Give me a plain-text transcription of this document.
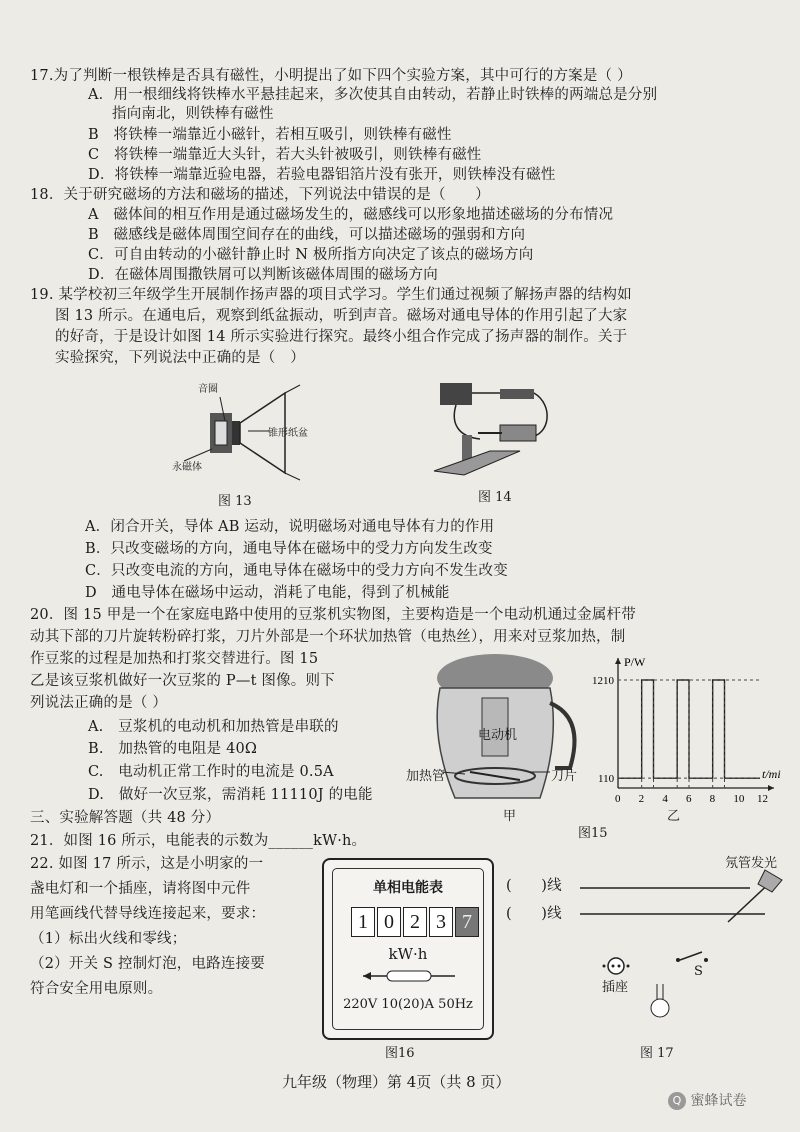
17.为了判断一根铁棒是否具有磁性，小明提出了如下四个实验方案，其中可行的方案是（ ）
A．用一根细线将铁棒水平悬挂起来，多次使其自由转动，若静止时铁棒的两端总是分别
指向南北，则铁棒有磁性
B　将铁棒一端靠近小磁针，若相互吸引，则铁棒有磁性
C　将铁棒一端靠近大头针，若大头针被吸引，则铁棒有磁性
D．将铁棒一端靠近验电器，若验电器铝箔片没有张开，则铁棒没有磁性
18．关于研究磁场的方法和磁场的描述，下列说法中错误的是（　　）
A　磁体间的相互作用是通过磁场发生的，磁感线可以形象地描述磁场的分布情况
B　磁感线是磁体周围空间存在的曲线，可以描述磁场的强弱和方向
C．可自由转动的小磁针静止时 N 极所指方向决定了该点的磁场方向
D．在磁体周围撒铁屑可以判断该磁体周围的磁场方向
19. 某学校初三年级学生开展制作扬声器的项目式学习。学生们通过视频了解扬声器的结构如
图 13 所示。在通电后，观察到纸盆振动，听到声音。磁场对通电导体的作用引起了大家
的好奇，于是设计如图 14 所示实验进行探究。最终小组合作完成了扬声器的制作。关于
实验探究，下列说法中正确的是（　）
音圈
锥形纸盆
永磁体
图 13	图 14
A．闭合开关，导体 AB 运动，说明磁场对通电导体有力的作用
B．只改变磁场的方向，通电导体在磁场中的受力方向发生改变
C．只改变电流的方向，通电导体在磁场中的受力方向不发生改变
D　通电导体在磁场中运动，消耗了电能，得到了机械能
20．图 15 甲是一个在家庭电路中使用的豆浆机实物图，主要构造是一个电动机通过金属杆带
动其下部的刀片旋转粉碎打浆，刀片外部是一个环状加热管（电热丝），用来对豆浆加热，制
作豆浆的过程是加热和打浆交替进行。图 15
乙是该豆浆机做好一次豆浆的 P—t 图像。则下
列说法正确的是（ ）
A.　豆浆机的电动机和加热管是串联的
B.　加热管的电阻是 40Ω
C.　电动机正常工作时的电流是 0.5A
D.　做好一次豆浆，需消耗 11110J 的电能
电动机
加热管	刀片
甲
P/W
t/mi
0 2 4 6 8 10 12
1210
110
乙
图15
三、实验解答题（共 48 分）
21．如图 16 所示，电能表的示数为______kW·h。
22. 如图 17 所示，这是小明家的一
盏电灯和一个插座，请将图中元件
用笔画线代替导线连接起来，要求：
（1）标出火线和零线；
（2）开关 S 控制灯泡，电路连接要
符合安全用电原则。
单相电能表
1 0 2 3 7
kW·h
220V 10(20)A 50Hz
图16
(　　)线
(　　)线
氖管发光
插座
S
图 17
九年级（物理）第 4页（共 8 页）
Q 蜜蜂试卷
